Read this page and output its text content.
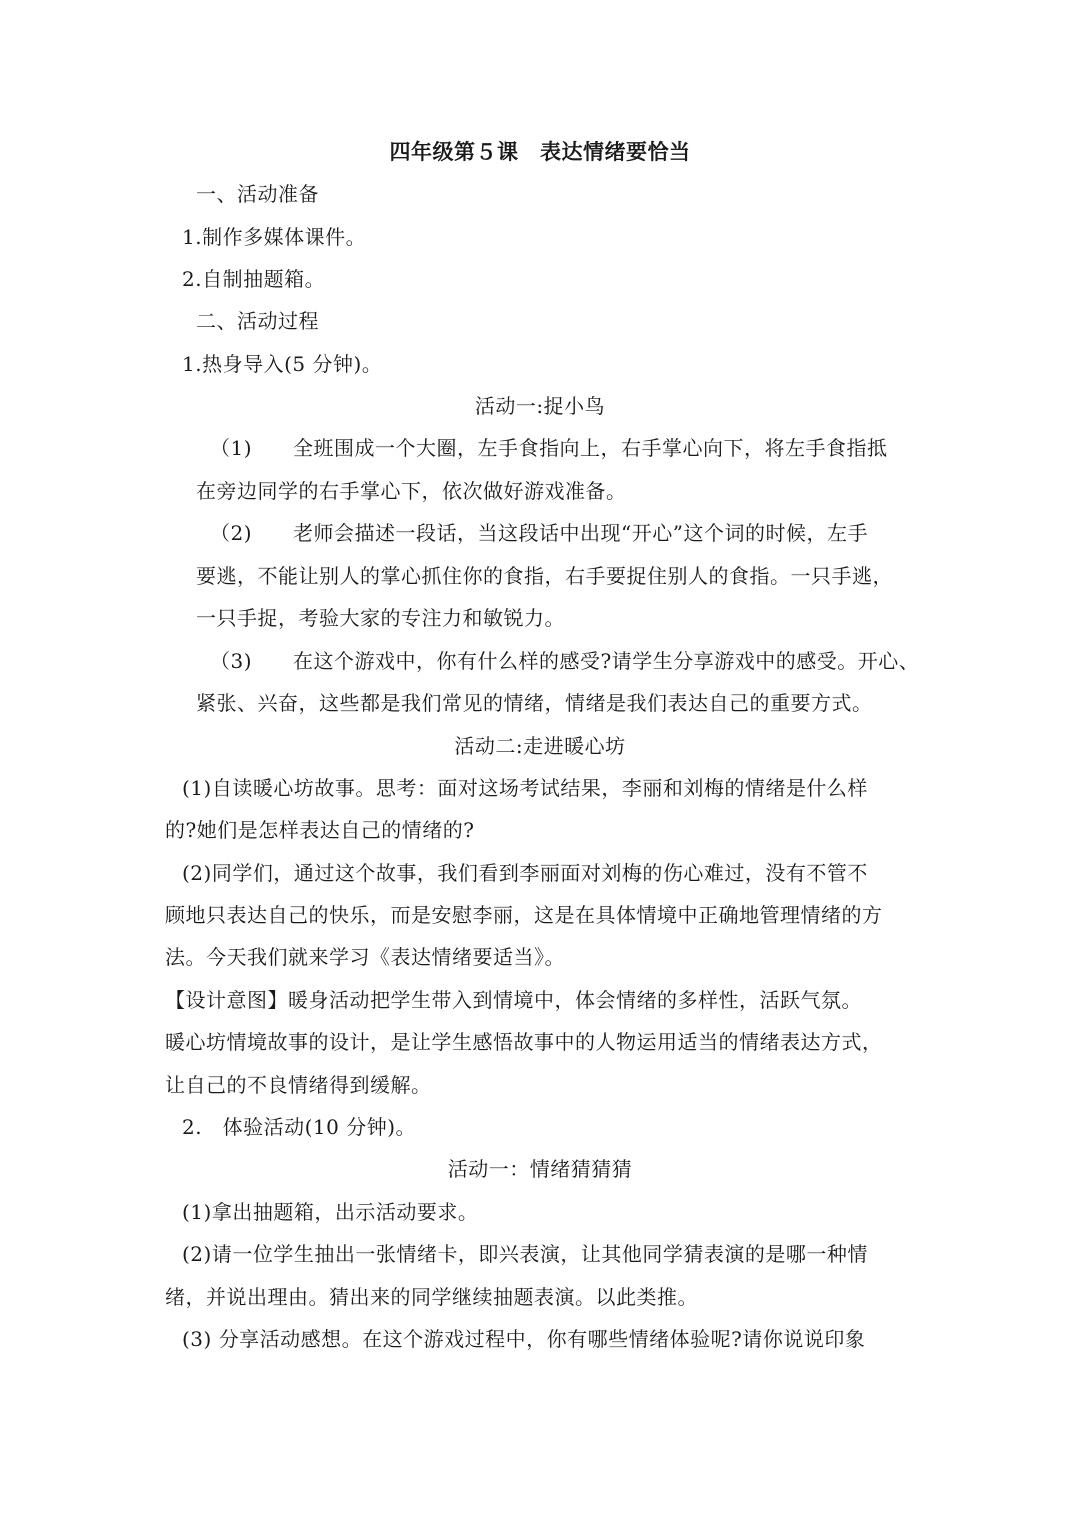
四年级第５课　表达情绪要恰当
一、活动准备
1.制作多媒体课件。
2.自制抽题箱。
二、活动过程
1.热身导入(5 分钟)。
活动一:捉小鸟
（1)　　全班围成一个大圈，左手食指向上，右手掌心向下，将左手食指抵
在旁边同学的右手掌心下，依次做好游戏准备。
（2)　　老师会描述一段话，当这段话中出现“开心”这个词的时候，左手
要逃，不能让别人的掌心抓住你的食指，右手要捉住别人的食指。一只手逃，
一只手捉，考验大家的专注力和敏锐力。
（3)　　在这个游戏中，你有什么样的感受?请学生分享游戏中的感受。开心、
紧张、兴奋，这些都是我们常见的情绪，情绪是我们表达自己的重要方式。
活动二:走进暖心坊
(1)自读暖心坊故事。思考：面对这场考试结果，李丽和刘梅的情绪是什么样
的?她们是怎样表达自己的情绪的?
(2)同学们，通过这个故事，我们看到李丽面对刘梅的伤心难过，没有不管不
顾地只表达自己的快乐，而是安慰李丽，这是在具体情境中正确地管理情绪的方
法。今天我们就来学习《表达情绪要适当》。
【设计意图】暖身活动把学生带入到情境中，体会情绪的多样性，活跃气氛。
暖心坊情境故事的设计，是让学生感悟故事中的人物运用适当的情绪表达方式，
让自己的不良情绪得到缓解。
2.　体验活动(10 分钟)。
活动一：情绪猜猜猜
(1)拿出抽题箱，出示活动要求。
(2)请一位学生抽出一张情绪卡，即兴表演，让其他同学猜表演的是哪一种情
绪，并说出理由。猜出来的同学继续抽题表演。以此类推。
(3) 分享活动感想。在这个游戏过程中，你有哪些情绪体验呢?请你说说印象
